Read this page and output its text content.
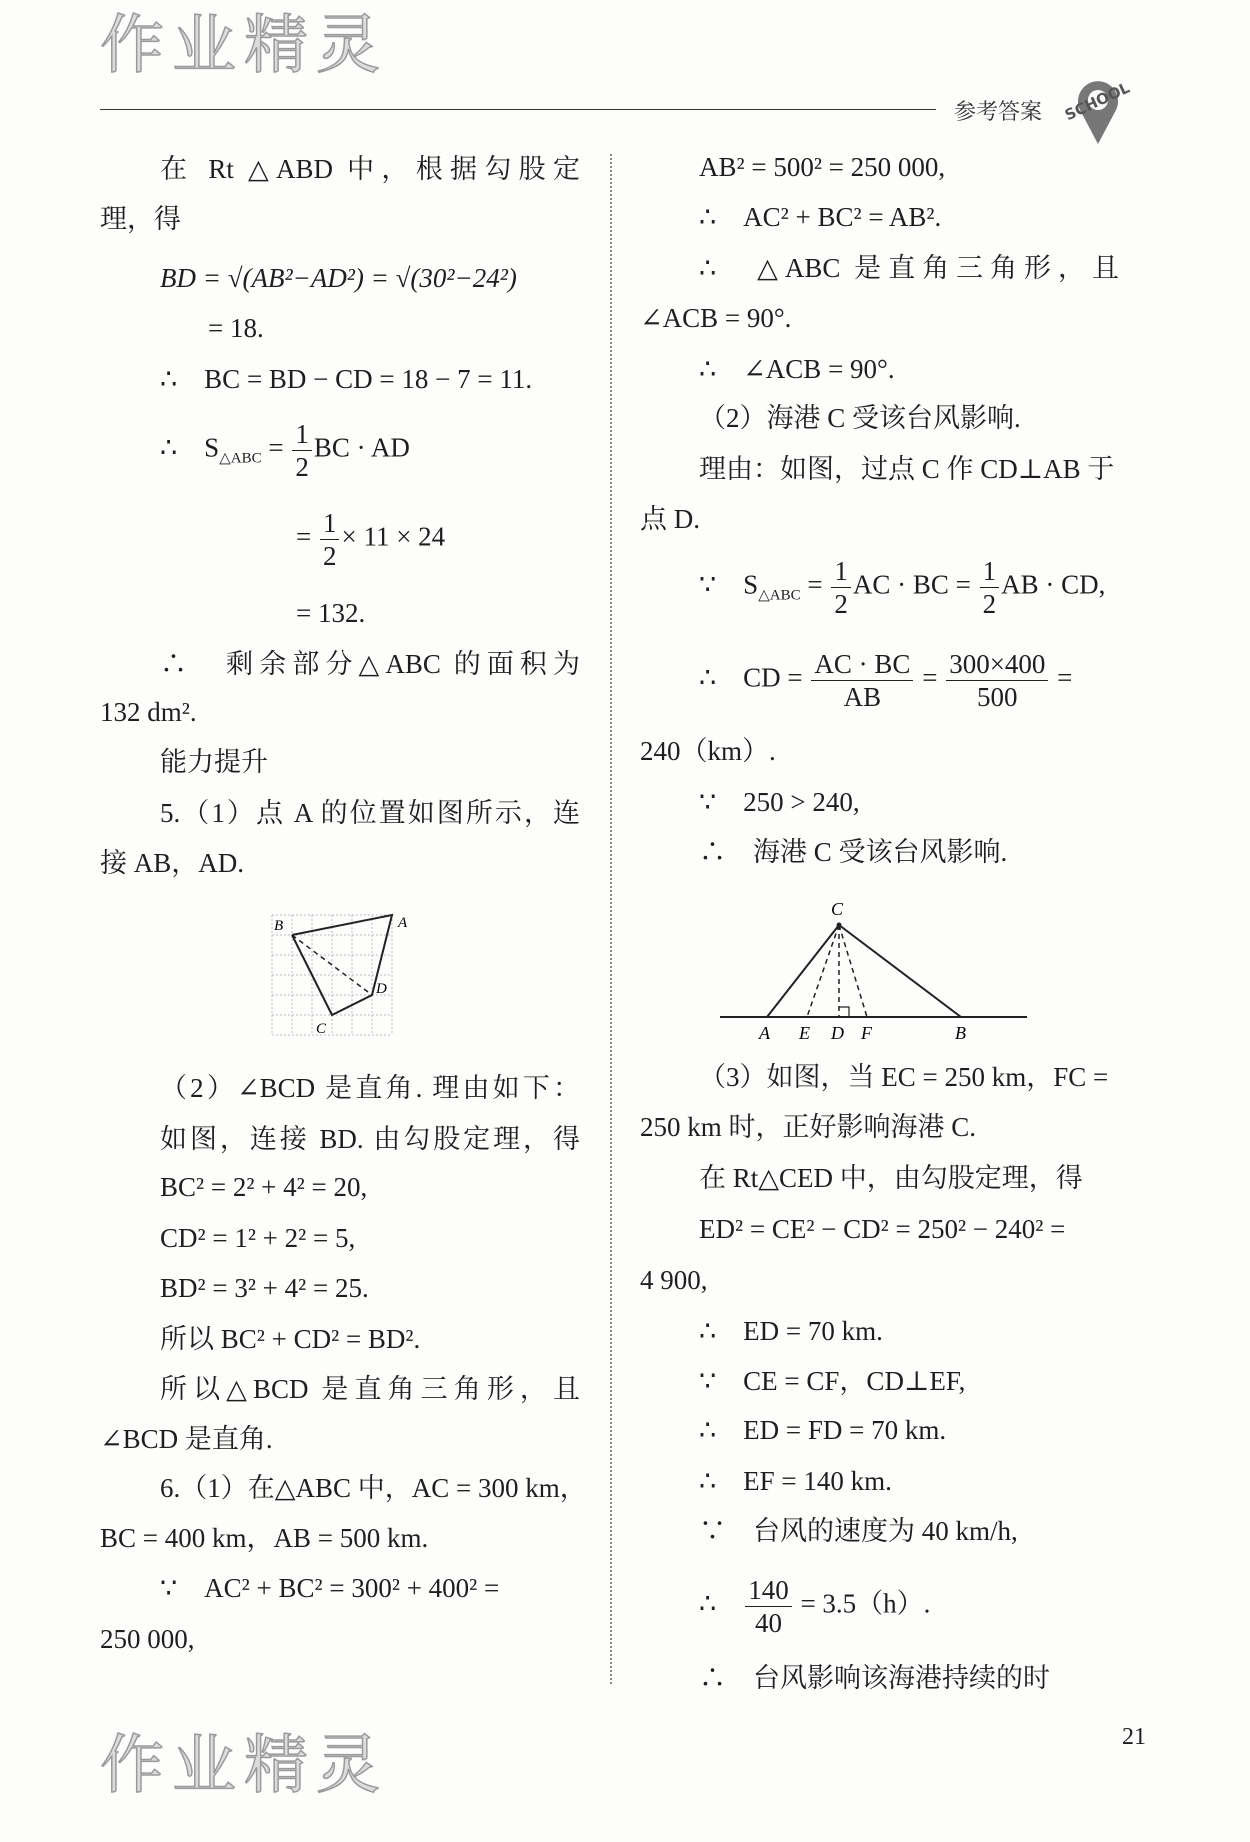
参考答案 SCHOOL
作业精灵
作业精灵
在 Rt △ABD 中，根据勾股定
理，得
BD = √(AB²−AD²) = √(30²−24²)
= 18.
∴　BC = BD − CD = 18 − 7 = 11.
∴　$S_{\triangle ABC} = \frac{1}{2}$ BC · AD
= $\frac{1}{2} \times 11 \times 24$
= 132.
∴　剩余部分△ABC 的面积为
132 dm².
能力提升
5.（1）点 A 的位置如图所示，连
接 AB，AD.
B	A
D
C
（2）∠BCD 是直角. 理由如下：
如图，连接 BD. 由勾股定理，得
BC² = 2² + 4² = 20,
CD² = 1² + 2² = 5,
BD² = 3² + 4² = 25.
所以 BC² + CD² = BD².
所以△BCD 是直角三角形，且
∠BCD 是直角.
6.（1）在△ABC 中，AC = 300 km，
BC = 400 km，AB = 500 km.
∵　AC² + BC² = 300² + 400² =
250 000,
AB² = 500² = 250 000,
∴　AC² + BC² = AB².
∴　△ABC 是直角三角形，且
∠ACB = 90°.
∴　∠ACB = 90°.
（2）海港 C 受该台风影响.
理由：如图，过点 C 作 CD⊥AB 于
点 D.
∵　$S_{\triangle ABC} = \frac{1}{2}$ AC · BC = $\frac{1}{2}$ AB · CD,
∴　CD = $\frac{AC \cdot BC}{AB} = \frac{300\times 400}{500}$ =
240（km）.
∵　250 > 240,
∴　海港 C 受该台风影响.
C
A E D F	B
（3）如图，当 EC = 250 km，FC =
250 km 时，正好影响海港 C.
在 Rt△CED 中，由勾股定理，得
ED² = CE² − CD² = 250² − 240² =
4 900,
∴　ED = 70 km.
∵　CE = CF，CD⊥EF,
∴　ED = FD = 70 km.
∴　EF = 140 km.
∵　台风的速度为 40 km/h,
∴　 $\frac{140}{40} = 3.5(h)$.
∴　台风影响该海港持续的时
21
